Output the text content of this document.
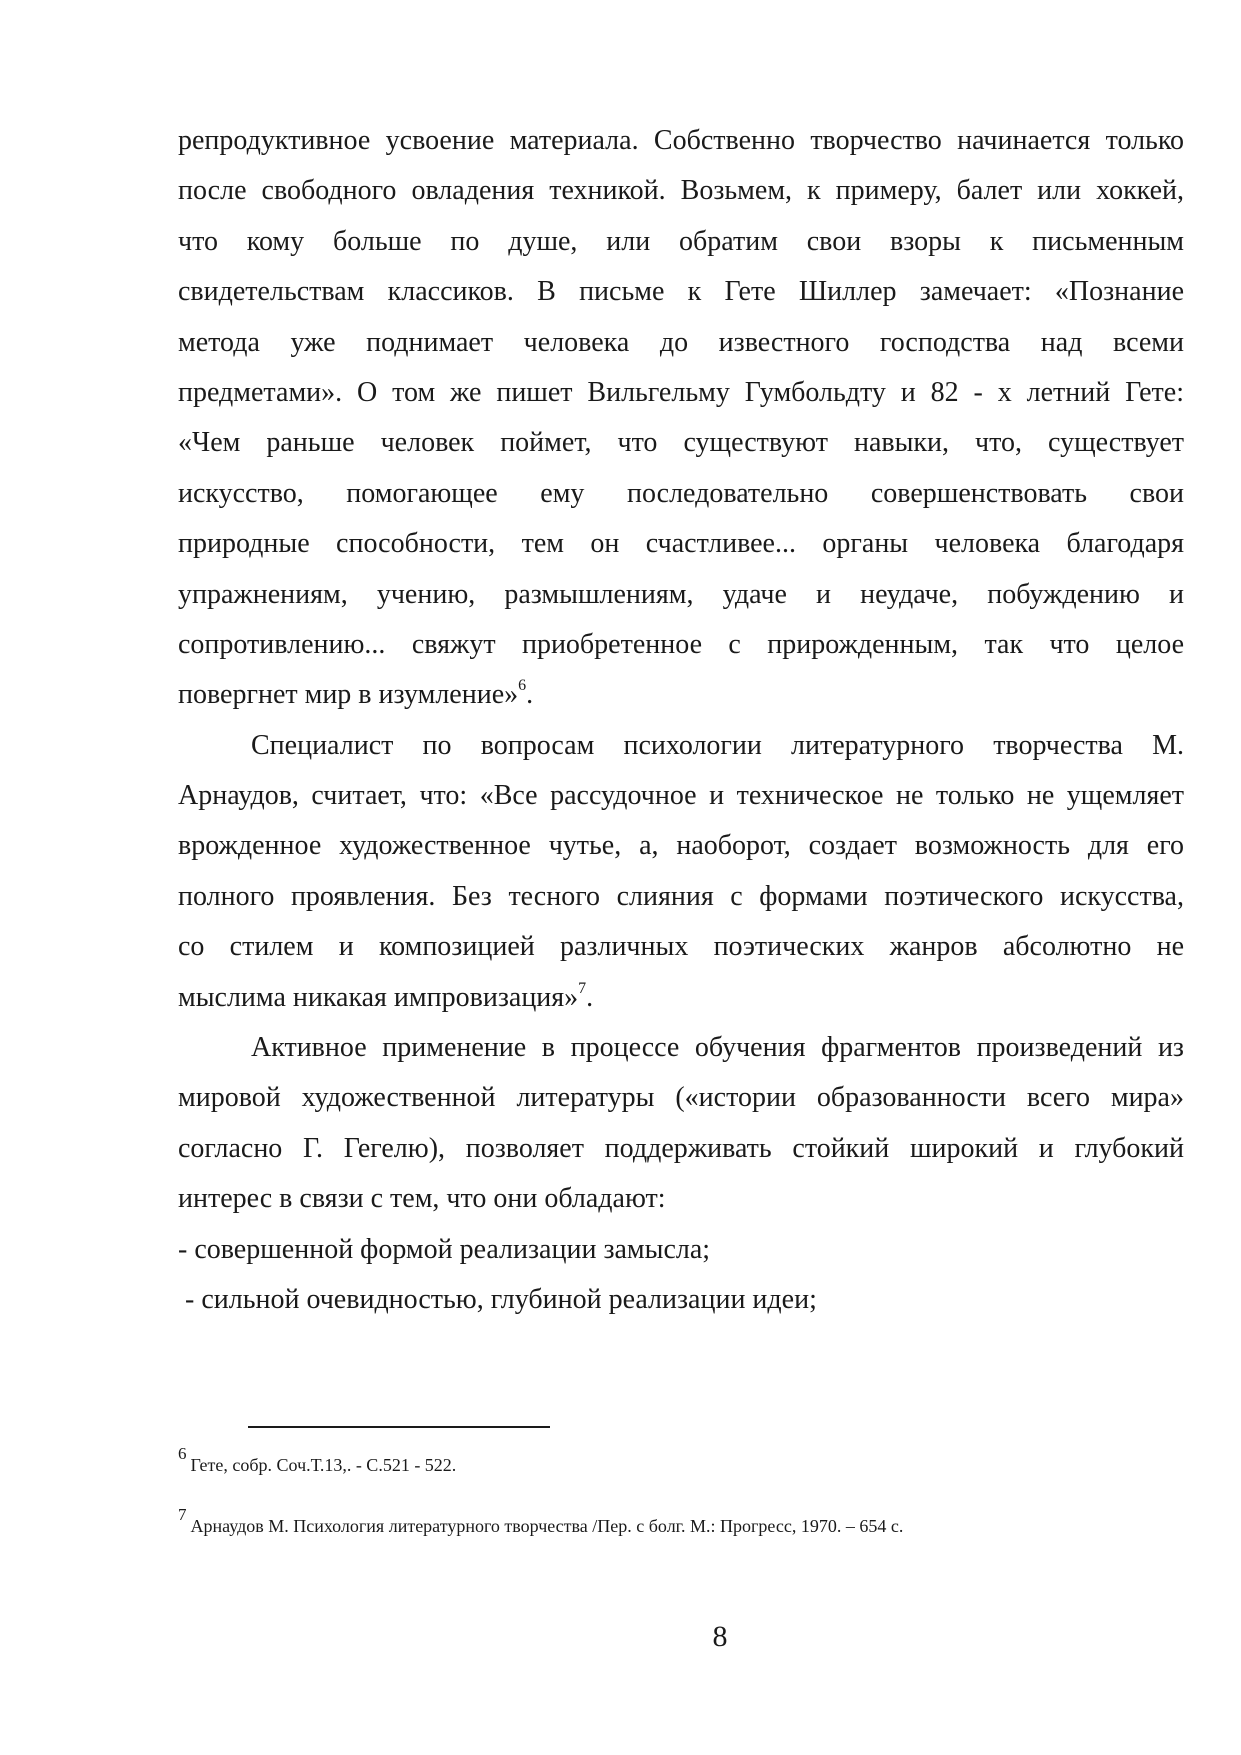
репродуктивное усвоение материала. Собственно творчество начинается только
после свободного овладения техникой. Возьмем, к примеру, балет или хоккей,
что кому больше по душе, или обратим свои взоры к письменным
свидетельствам классиков. В письме к Гете Шиллер замечает: «Познание
метода уже поднимает человека до известного господства над всеми
предметами». О том же пишет Вильгельму Гумбольдту и 82 - х летний Гете:
«Чем раньше человек поймет, что существуют навыки, что, существует
искусство, помогающее ему последовательно совершенствовать свои
природные способности, тем он счастливее... органы человека благодаря
упражнениям, учению, размышлениям, удаче и неудаче, побуждению и
сопротивлению... свяжут приобретенное с прирожденным, так что целое
повергнет мир в изумление»$^6$.

Специалист по вопросам психологии литературного творчества М.
Арнаудов, считает, что: «Все рассудочное и техническое не только не ущемляет
врожденное художественное чутье, а, наоборот, создает возможность для его
полного проявления. Без тесного слияния с формами поэтического искусства,
со стилем и композицией различных поэтических жанров абсолютно не
мыслима никакая импровизация»$^7$.

Активное применение в процессе обучения фрагментов произведений из
мировой художественной литературы («истории образованности всего мира»
согласно Г. Гегелю), позволяет поддерживать стойкий широкий и глубокий
интерес в связи с тем, что они обладают:

- совершенной формой реализации замысла;
- сильной очевидностью, глубиной реализации идеи;
6Гете, собр. Соч.Т.13,. - С.521 - 522.
7Арнаудов М. Психология литературного творчества /Пер. с болг. М.: Прогресс, 1970. – 654 с.
8
